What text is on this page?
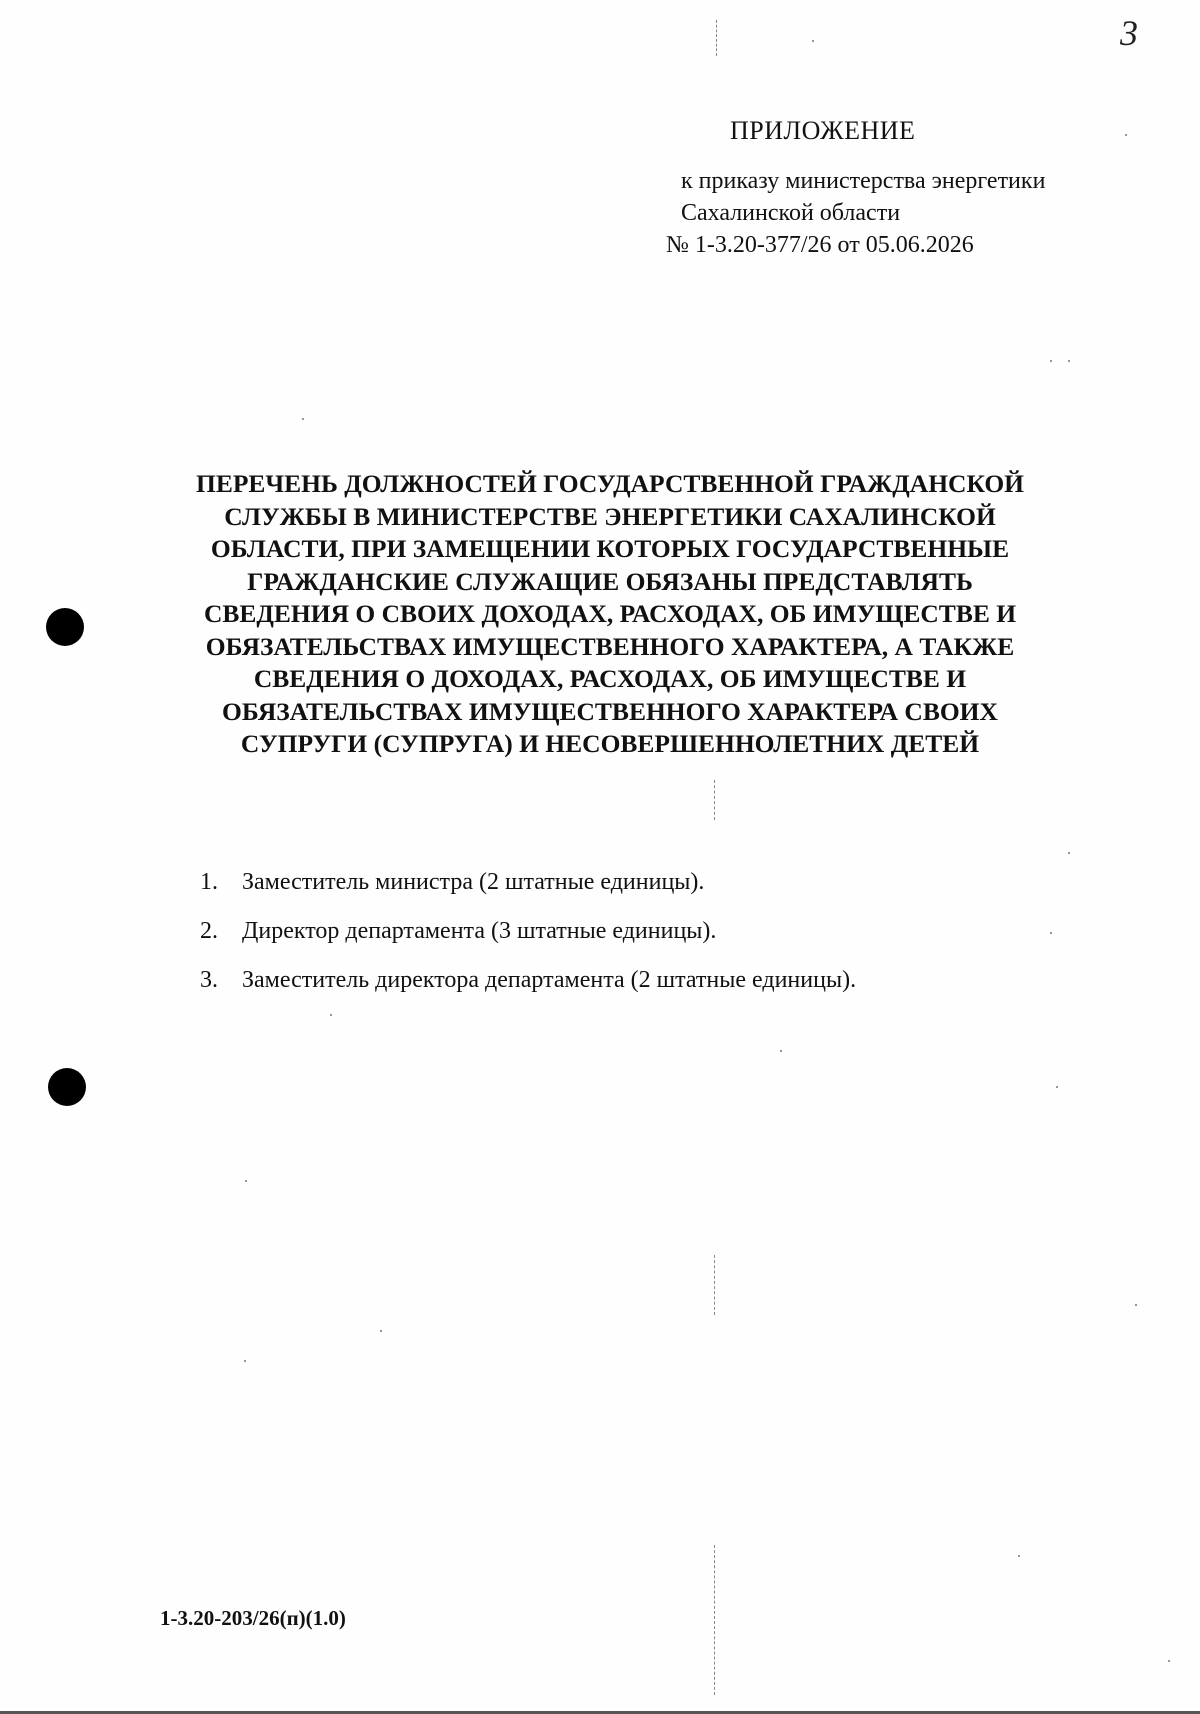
3
ПРИЛОЖЕНИЕ
к приказу министерства энергетики
Сахалинской области
№ 1-3.20-377/26 от 05.06.2026
ПЕРЕЧЕНЬ ДОЛЖНОСТЕЙ ГОСУДАРСТВЕННОЙ ГРАЖДАНСКОЙ
СЛУЖБЫ В МИНИСТЕРСТВЕ ЭНЕРГЕТИКИ САХАЛИНСКОЙ
ОБЛАСТИ, ПРИ ЗАМЕЩЕНИИ КОТОРЫХ ГОСУДАРСТВЕННЫЕ
ГРАЖДАНСКИЕ СЛУЖАЩИЕ ОБЯЗАНЫ ПРЕДСТАВЛЯТЬ
СВЕДЕНИЯ О СВОИХ ДОХОДАХ, РАСХОДАХ, ОБ ИМУЩЕСТВЕ И
ОБЯЗАТЕЛЬСТВАХ ИМУЩЕСТВЕННОГО ХАРАКТЕРА, А ТАКЖЕ
СВЕДЕНИЯ О ДОХОДАХ, РАСХОДАХ, ОБ ИМУЩЕСТВЕ И
ОБЯЗАТЕЛЬСТВАХ ИМУЩЕСТВЕННОГО ХАРАКТЕРА СВОИХ
СУПРУГИ (СУПРУГА) И НЕСОВЕРШЕННОЛЕТНИХ ДЕТЕЙ
1. Заместитель министра (2 штатные единицы).
2. Директор департамента (3 штатные единицы).
3. Заместитель директора департамента (2 штатные единицы).
1-3.20-203/26(п)(1.0)
